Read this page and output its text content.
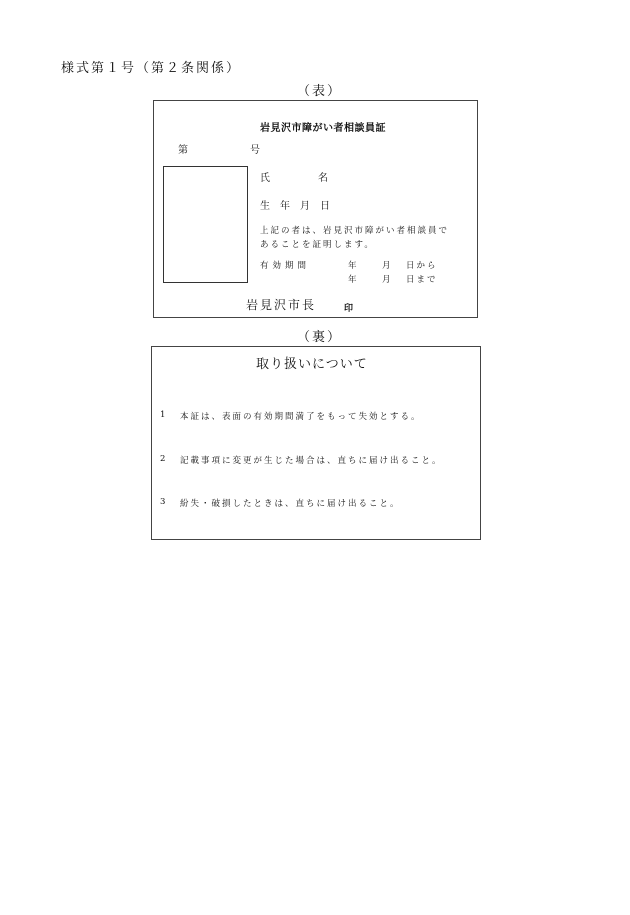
様式第１号（第２条関係）
（表）
岩見沢市障がい者相談員証
第	号
氏	名
生 年 月 日
上記の者は、岩見沢市障がい者相談員で
あることを証明します。
有効期間	年	月 日から
年	月 日まで
岩見沢市長	印
（裏）
取り扱いについて
1 本証は、表面の有効期間満了をもって失効とする。
2 記載事項に変更が生じた場合は、直ちに届け出ること。
3 紛失・破損したときは、直ちに届け出ること。
